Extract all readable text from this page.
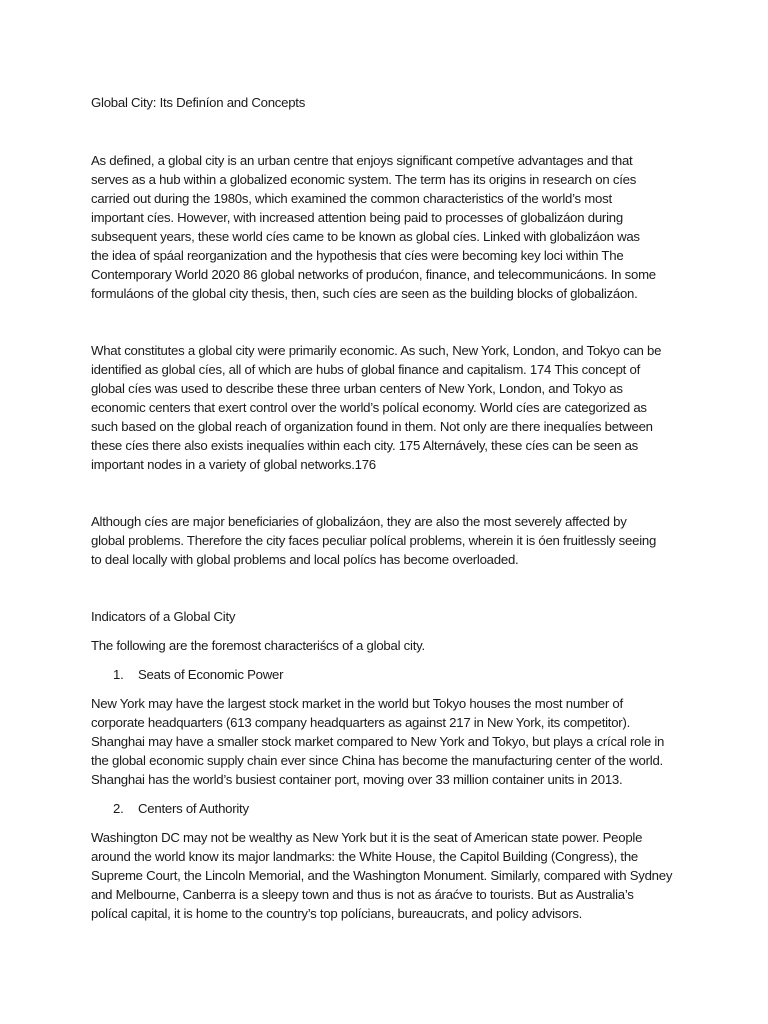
Global City: Its Definíon and Concepts
As defined, a global city is an urban centre that enjoys significant competíve advantages and that
serves as a hub within a globalized economic system. The term has its origins in research on cíes
carried out during the 1980s, which examined the common characteristics of the world’s most
important cíes. However, with increased attention being paid to processes of globalizáon during
subsequent years, these world cíes came to be known as global cíes. Linked with globalizáon was
the idea of spáal reorganization and the hypothesis that cíes were becoming key loci within The
Contemporary World 2020 86 global networks of produćon, finance, and telecommunicáons. In some
formuláons of the global city thesis, then, such cíes are seen as the building blocks of globalizáon.
What constitutes a global city were primarily economic. As such, New York, London, and Tokyo can be
identified as global cíes, all of which are hubs of global finance and capitalism. 174 This concept of
global cíes was used to describe these three urban centers of New York, London, and Tokyo as
economic centers that exert control over the world’s polícal economy. World cíes are categorized as
such based on the global reach of organization found in them. Not only are there inequalíes between
these cíes there also exists inequalíes within each city. 175 Alternávely, these cíes can be seen as
important nodes in a variety of global networks.176
Although cíes are major beneficiaries of globalizáon, they are also the most severely affected by
global problems. Therefore the city faces peculiar polícal problems, wherein it is óen fruitlessly seeing
to deal locally with global problems and local polícs has become overloaded.
Indicators of a Global City
The following are the foremost characteriścs of a global city.
1. Seats of Economic Power
New York may have the largest stock market in the world but Tokyo houses the most number of
corporate headquarters (613 company headquarters as against 217 in New York, its competitor).
Shanghai may have a smaller stock market compared to New York and Tokyo, but plays a crícal role in
the global economic supply chain ever since China has become the manufacturing center of the world.
Shanghai has the world’s busiest container port, moving over 33 million container units in 2013.
2. Centers of Authority
Washington DC may not be wealthy as New York but it is the seat of American state power. People
around the world know its major landmarks: the White House, the Capitol Building (Congress), the
Supreme Court, the Lincoln Memorial, and the Washington Monument. Similarly, compared with Sydney
and Melbourne, Canberra is a sleepy town and thus is not as áraćve to tourists. But as Australia’s
polícal capital, it is home to the country’s top polícians, bureaucrats, and policy advisors.
